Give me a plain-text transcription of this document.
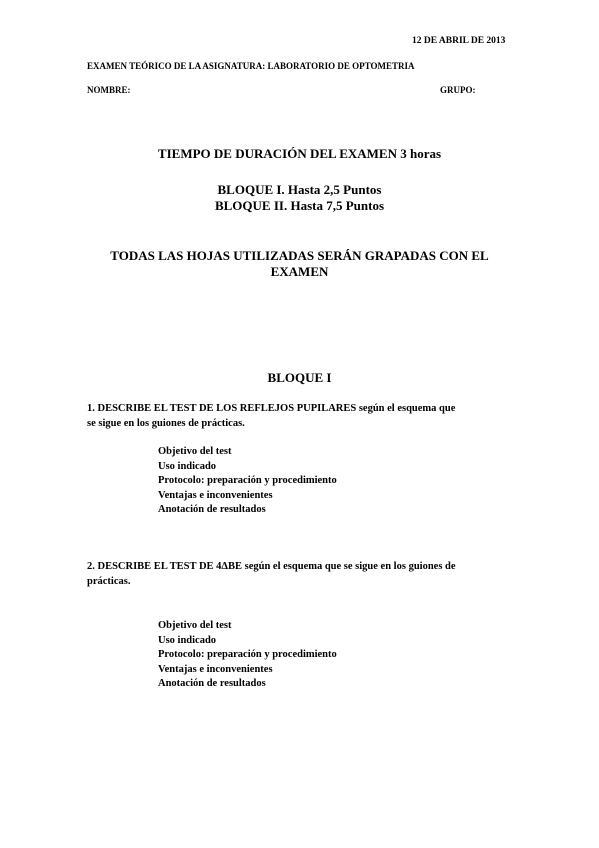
12 DE ABRIL DE 2013
EXAMEN TEÓRICO DE LA ASIGNATURA: LABORATORIO DE OPTOMETRIA
NOMBRE:	GRUPO:
TIEMPO DE DURACIÓN DEL EXAMEN 3 horas
BLOQUE I. Hasta 2,5 Puntos
BLOQUE II. Hasta 7,5 Puntos
TODAS LAS HOJAS UTILIZADAS SERÁN GRAPADAS CON EL
EXAMEN
BLOQUE I
1. DESCRIBE EL TEST DE LOS REFLEJOS PUPILARES según el esquema que
se sigue en los guiones de prácticas.
Objetivo del test
Uso indicado
Protocolo: preparación y procedimiento
Ventajas e inconvenientes
Anotación de resultados
2. DESCRIBE EL TEST DE 4ΔBE según el esquema que se sigue en los guiones de
prácticas.
Objetivo del test
Uso indicado
Protocolo: preparación y procedimiento
Ventajas e inconvenientes
Anotación de resultados
